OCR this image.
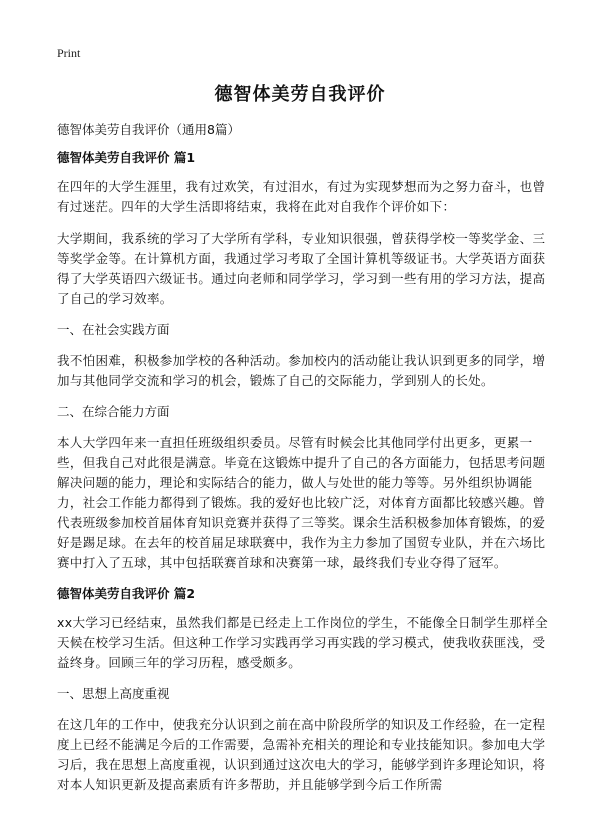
Print
德智体美劳自我评价
德智体美劳自我评价（通用8篇）
德智体美劳自我评价 篇1

在四年的大学生涯里，我有过欢笑，有过泪水，有过为实现梦想而为之努力奋斗，也曾有过迷茫。四年的大学生活即将结束，我将在此对自我作个评价如下：

大学期间，我系统的学习了大学所有学科，专业知识很强，曾获得学校一等奖学金、三等奖学金等。在计算机方面，我通过学习考取了全国计算机等级证书。大学英语方面获得了大学英语四六级证书。通过向老师和同学学习，学习到一些有用的学习方法，提高了自己的学习效率。

一、在社会实践方面

我不怕困难，积极参加学校的各种活动。参加校内的活动能让我认识到更多的同学，增加与其他同学交流和学习的机会，锻炼了自己的交际能力，学到别人的长处。

二、在综合能力方面

本人大学四年来一直担任班级组织委员。尽管有时候会比其他同学付出更多，更累一些，但我自己对此很是满意。毕竟在这锻炼中提升了自己的各方面能力，包括思考问题解决问题的能力，理论和实际结合的能力，做人与处世的能力等等。另外组织协调能力，社会工作能力都得到了锻炼。我的爱好也比较广泛，对体育方面都比较感兴趣。曾代表班级参加校首届体育知识竞赛并获得了三等奖。课余生活积极参加体育锻炼，的爱好是踢足球。在去年的校首届足球联赛中，我作为主力参加了国贸专业队，并在六场比赛中打入了五球，其中包括联赛首球和决赛第一球，最终我们专业夺得了冠军。

德智体美劳自我评价 篇2

xx大学习已经结束，虽然我们都是已经走上工作岗位的学生，不能像全日制学生那样全天候在校学习生活。但这种工作学习实践再学习再实践的学习模式，使我收获匪浅，受益终身。回顾三年的学习历程，感受颇多。

一、思想上高度重视

在这几年的工作中，使我充分认识到之前在高中阶段所学的知识及工作经验，在一定程度上已经不能满足今后的工作需要，急需补充相关的理论和专业技能知识。参加电大学习后，我在思想上高度重视，认识到通过这次电大的学习，能够学到许多理论知识，将对本人知识更新及提高素质有许多帮助，并且能够学到今后工作所需
